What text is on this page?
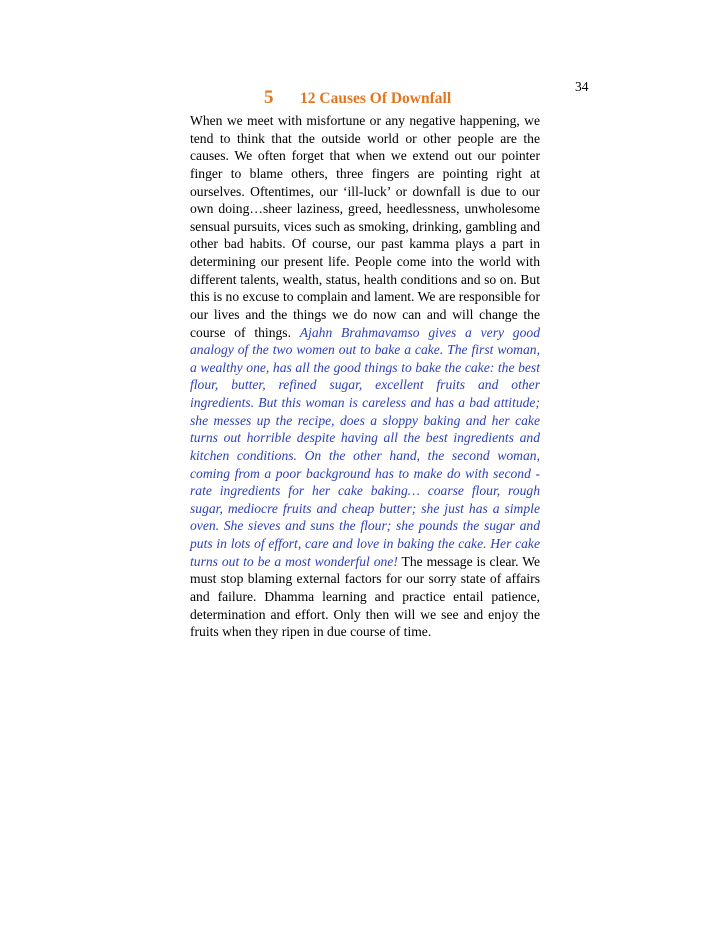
34
5 12 Causes Of Downfall
When we meet with misfortune or any negative happening, we tend to think that the outside world or other people are the causes. We often forget that when we extend out our pointer finger to blame others, three fingers are pointing right at ourselves. Oftentimes, our ‘ill-luck’ or downfall is due to our own doing…sheer laziness, greed, heedlessness, unwholesome sensual pursuits, vices such as smoking, drinking, gambling and other bad habits. Of course, our past kamma plays a part in determining our present life. People come into the world with different talents, wealth, status, health conditions and so on. But this is no excuse to complain and lament. We are responsible for our lives and the things we do now can and will change the course of things. Ajahn Brahmavamso gives a very good analogy of the two women out to bake a cake. The first woman, a wealthy one, has all the good things to bake the cake: the best flour, butter, refined sugar, excellent fruits and other ingredients. But this woman is careless and has a bad attitude; she messes up the recipe, does a sloppy baking and her cake turns out horrible despite having all the best ingredients and kitchen conditions. On the other hand, the second woman, coming from a poor background has to make do with second - rate ingredients for her cake baking… coarse flour, rough sugar, mediocre fruits and cheap butter; she just has a simple oven. She sieves and suns the flour; she pounds the sugar and puts in lots of effort, care and love in baking the cake. Her cake turns out to be a most wonderful one! The message is clear. We must stop blaming external factors for our sorry state of affairs and failure. Dhamma learning and practice entail patience, determination and effort. Only then will we see and enjoy the fruits when they ripen in due course of time.
